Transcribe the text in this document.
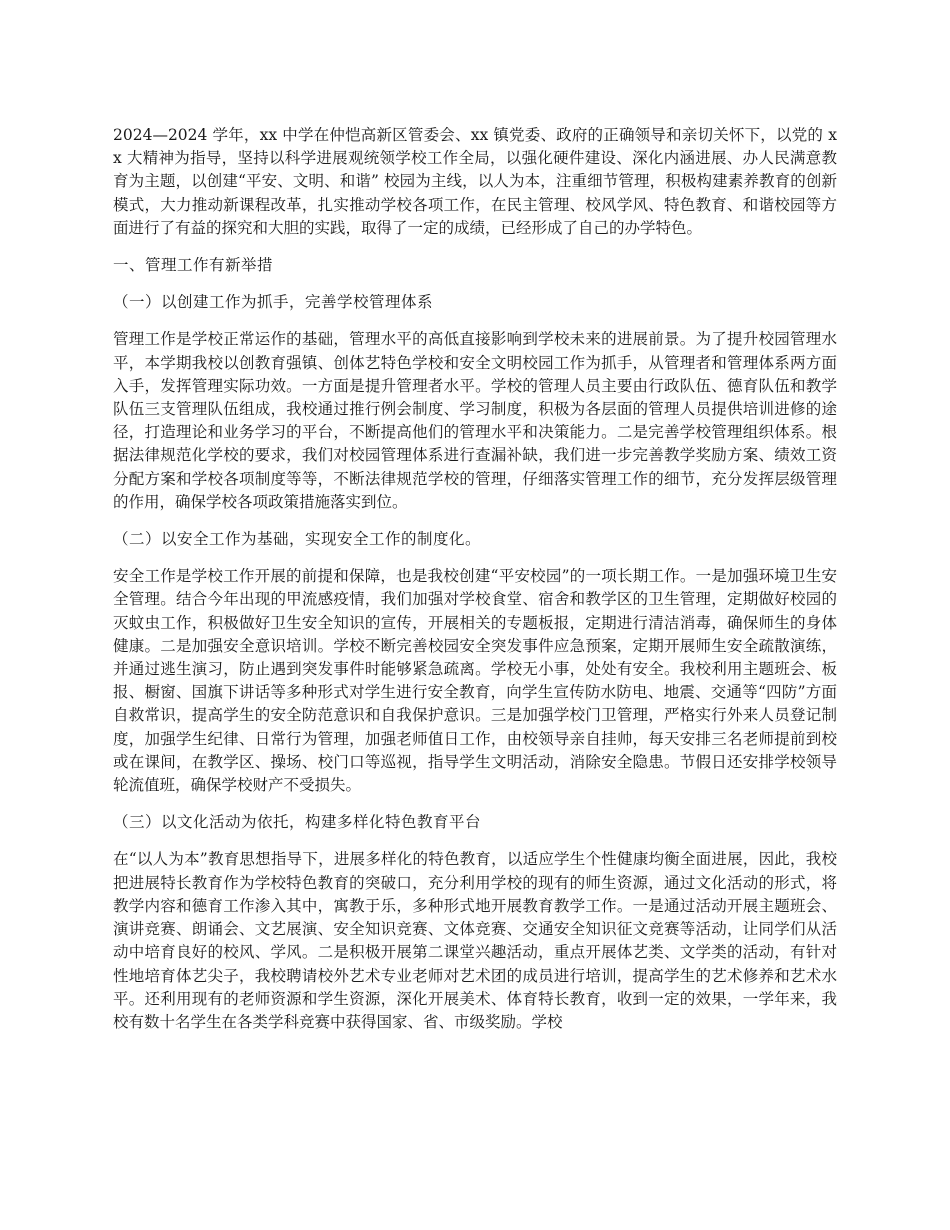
2024—2024 学年，xx 中学在仲恺高新区管委会、xx 镇党委、政府的正确领导和亲切关怀下，以党的 xx 大精神为指导，坚持以科学进展观统领学校工作全局，以强化硬件建设、深化内涵进展、办人民满意教育为主题，以创建“平安、文明、和谐” 校园为主线，以人为本，注重细节管理，积极构建素养教育的创新模式，大力推动新课程改革，扎实推动学校各项工作，在民主管理、校风学风、特色教育、和谐校园等方面进行了有益的探究和大胆的实践，取得了一定的成绩，已经形成了自己的办学特色。

一、管理工作有新举措

（一）以创建工作为抓手，完善学校管理体系

管理工作是学校正常运作的基础，管理水平的高低直接影响到学校未来的进展前景。为了提升校园管理水平，本学期我校以创教育强镇、创体艺特色学校和安全文明校园工作为抓手，从管理者和管理体系两方面入手，发挥管理实际功效。一方面是提升管理者水平。学校的管理人员主要由行政队伍、德育队伍和教学队伍三支管理队伍组成，我校通过推行例会制度、学习制度，积极为各层面的管理人员提供培训进修的途径，打造理论和业务学习的平台，不断提高他们的管理水平和决策能力。二是完善学校管理组织体系。根据法律规范化学校的要求，我们对校园管理体系进行查漏补缺，我们进一步完善教学奖励方案、绩效工资分配方案和学校各项制度等等，不断法律规范学校的管理，仔细落实管理工作的细节，充分发挥层级管理的作用，确保学校各项政策措施落实到位。

（二）以安全工作为基础，实现安全工作的制度化。

安全工作是学校工作开展的前提和保障，也是我校创建“平安校园”的一项长期工作。一是加强环境卫生安全管理。结合今年出现的甲流感疫情，我们加强对学校食堂、宿舍和教学区的卫生管理，定期做好校园的灭蚊虫工作，积极做好卫生安全知识的宣传，开展相关的专题板报，定期进行清洁消毒，确保师生的身体健康。二是加强安全意识培训。学校不断完善校园安全突发事件应急预案，定期开展师生安全疏散演练，并通过逃生演习，防止遇到突发事件时能够紧急疏离。学校无小事，处处有安全。我校利用主题班会、板报、橱窗、国旗下讲话等多种形式对学生进行安全教育，向学生宣传防水防电、地震、交通等“四防”方面自救常识，提高学生的安全防范意识和自我保护意识。三是加强学校门卫管理，严格实行外来人员登记制度，加强学生纪律、日常行为管理，加强老师值日工作，由校领导亲自挂帅，每天安排三名老师提前到校或在课间，在教学区、操场、校门口等巡视，指导学生文明活动，消除安全隐患。节假日还安排学校领导轮流值班，确保学校财产不受损失。

（三）以文化活动为依托，构建多样化特色教育平台

在“以人为本”教育思想指导下，进展多样化的特色教育，以适应学生个性健康均衡全面进展，因此，我校把进展特长教育作为学校特色教育的突破口，充分利用学校的现有的师生资源，通过文化活动的形式，将教学内容和德育工作渗入其中，寓教于乐，多种形式地开展教育教学工作。一是通过活动开展主题班会、演讲竞赛、朗诵会、文艺展演、安全知识竞赛、文体竞赛、交通安全知识征文竞赛等活动，让同学们从活动中培育良好的校风、学风。二是积极开展第二课堂兴趣活动，重点开展体艺类、文学类的活动，有针对性地培育体艺尖子，我校聘请校外艺术专业老师对艺术团的成员进行培训，提高学生的艺术修养和艺术水平。还利用现有的老师资源和学生资源，深化开展美术、体育特长教育，收到一定的效果，一学年来，我校有数十名学生在各类学科竞赛中获得国家、省、市级奖励。学校
